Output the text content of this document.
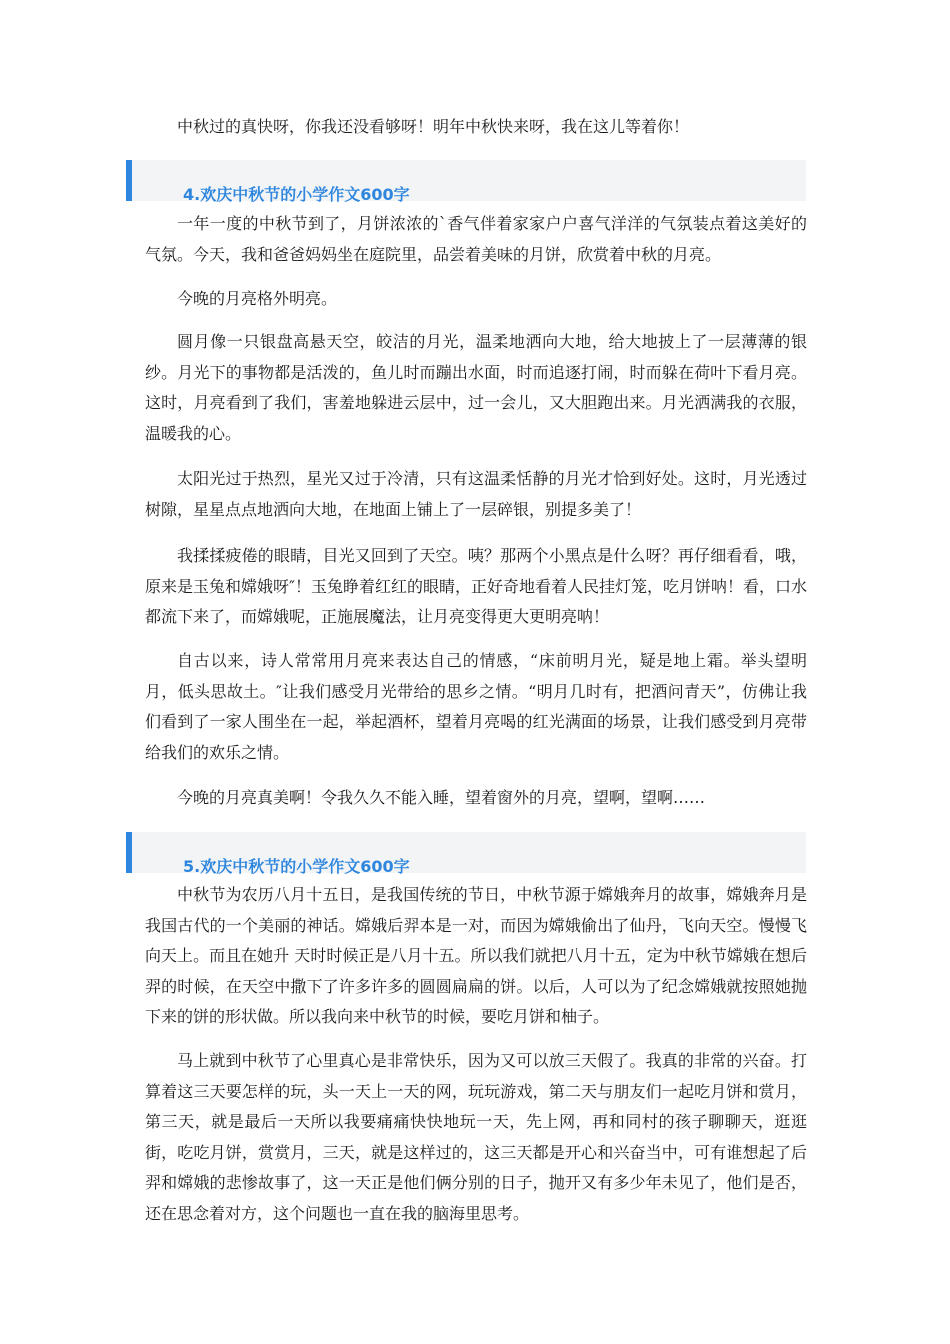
中秋过的真快呀，你我还没看够呀！明年中秋快来呀，我在这儿等着你！

4.欢庆中秋节的小学作文600字

一年一度的中秋节到了，月饼浓浓的`香气伴着家家户户喜气洋洋的气氛装点着这美好的气氛。今天，我和爸爸妈妈坐在庭院里，品尝着美味的月饼，欣赏着中秋的月亮。

今晚的月亮格外明亮。

圆月像一只银盘高悬天空，皎洁的月光，温柔地洒向大地，给大地披上了一层薄薄的银纱。月光下的事物都是活泼的，鱼儿时而蹦出水面，时而追逐打闹，时而躲在荷叶下看月亮。这时，月亮看到了我们，害羞地躲进云层中，过一会儿，又大胆跑出来。月光洒满我的衣服，温暖我的心。

太阳光过于热烈，星光又过于冷清，只有这温柔恬静的月光才恰到好处。这时，月光透过树隙，星星点点地洒向大地，在地面上铺上了一层碎银，别提多美了！

我揉揉疲倦的眼睛，目光又回到了天空。咦？那两个小黑点是什么呀？再仔细看看，哦，原来是玉兔和嫦娥呀″！玉兔睁着红红的眼睛，正好奇地看着人民挂灯笼，吃月饼呐！看，口水都流下来了，而嫦娥呢，正施展魔法，让月亮变得更大更明亮呐！

自古以来，诗人常常用月亮来表达自己的情感，“床前明月光，疑是地上霜。举头望明月，低头思故土。″让我们感受月光带给的思乡之情。“明月几时有，把酒问青天”，仿佛让我们看到了一家人围坐在一起，举起酒杯，望着月亮喝的红光满面的场景，让我们感受到月亮带给我们的欢乐之情。

今晚的月亮真美啊！令我久久不能入睡，望着窗外的月亮，望啊，望啊……

5.欢庆中秋节的小学作文600字

中秋节为农历八月十五日，是我国传统的节日，中秋节源于嫦娥奔月的故事，嫦娥奔月是我国古代的一个美丽的神话。嫦娥后羿本是一对，而因为嫦娥偷出了仙丹，飞向天空。慢慢飞向天上。而且在她升 天时时候正是八月十五。所以我们就把八月十五，定为中秋节嫦娥在想后羿的时候，在天空中撒下了许多许多的圆圆扁扁的饼。以后，人可以为了纪念嫦娥就按照她抛下来的饼的形状做。所以我向来中秋节的时候，要吃月饼和柚子。

马上就到中秋节了心里真心是非常快乐，因为又可以放三天假了。我真的非常的兴奋。打算着这三天要怎样的玩，头一天上一天的网，玩玩游戏，第二天与朋友们一起吃月饼和赏月，第三天，就是最后一天所以我要痛痛快快地玩一天，先上网，再和同村的孩子聊聊天，逛逛街，吃吃月饼，赏赏月，三天，就是这样过的，这三天都是开心和兴奋当中，可有谁想起了后羿和嫦娥的悲惨故事了，这一天正是他们俩分别的日子，抛开又有多少年未见了，他们是否，还在思念着对方，这个问题也一直在我的脑海里思考。
